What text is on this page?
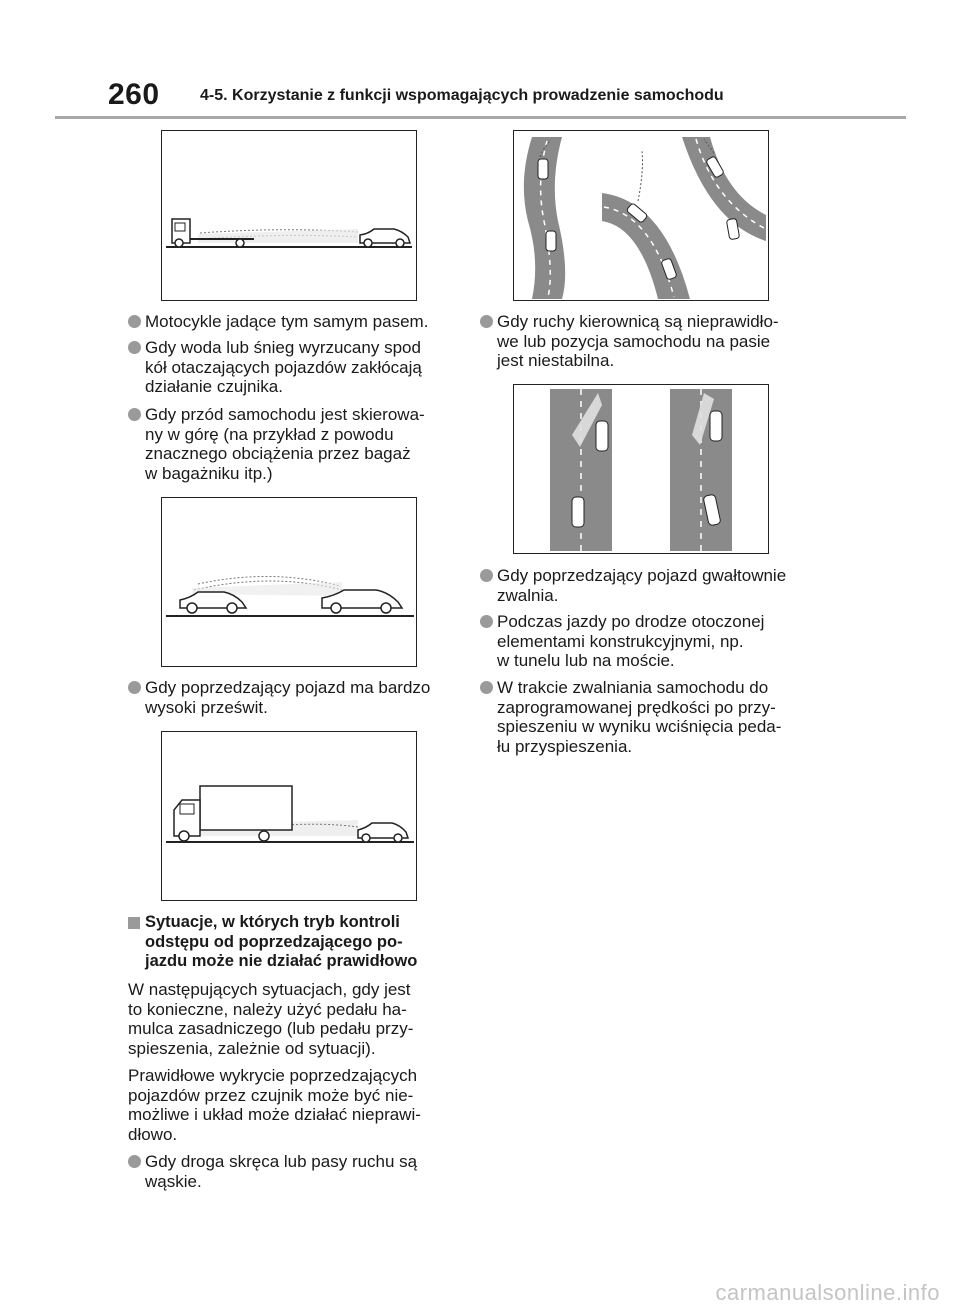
260	4-5. Korzystanie z funkcji wspomagających prowadzenie samochodu
Motocykle jadące tym samym pasem.
Gdy woda lub śnieg wyrzucany spod
kół otaczających pojazdów zakłócają
działanie czujnika.
Gdy przód samochodu jest skierowa-
ny w górę (na przykład z powodu
znacznego obciążenia przez bagaż
w bagażniku itp.)
Gdy poprzedzający pojazd ma bardzo
wysoki prześwit.
Sytuacje, w których tryb kontroli
odstępu od poprzedzającego po-
jazdu może nie działać prawidłowo
W następujących sytuacjach, gdy jest
to konieczne, należy użyć pedału ha-
mulca zasadniczego (lub pedału przy-
spieszenia, zależnie od sytuacji).
Prawidłowe wykrycie poprzedzających
pojazdów przez czujnik może być nie-
możliwe i układ może działać nieprawi-
dłowo.
Gdy droga skręca lub pasy ruchu są
wąskie.
Gdy ruchy kierownicą są nieprawidło-
we lub pozycja samochodu na pasie
jest niestabilna.
Gdy poprzedzający pojazd gwałtownie
zwalnia.
Podczas jazdy po drodze otoczonej
elementami konstrukcyjnymi, np.
w tunelu lub na moście.
W trakcie zwalniania samochodu do
zaprogramowanej prędkości po przy-
spieszeniu w wyniku wciśnięcia peda-
łu przyspieszenia.
carmanualsonline.info
